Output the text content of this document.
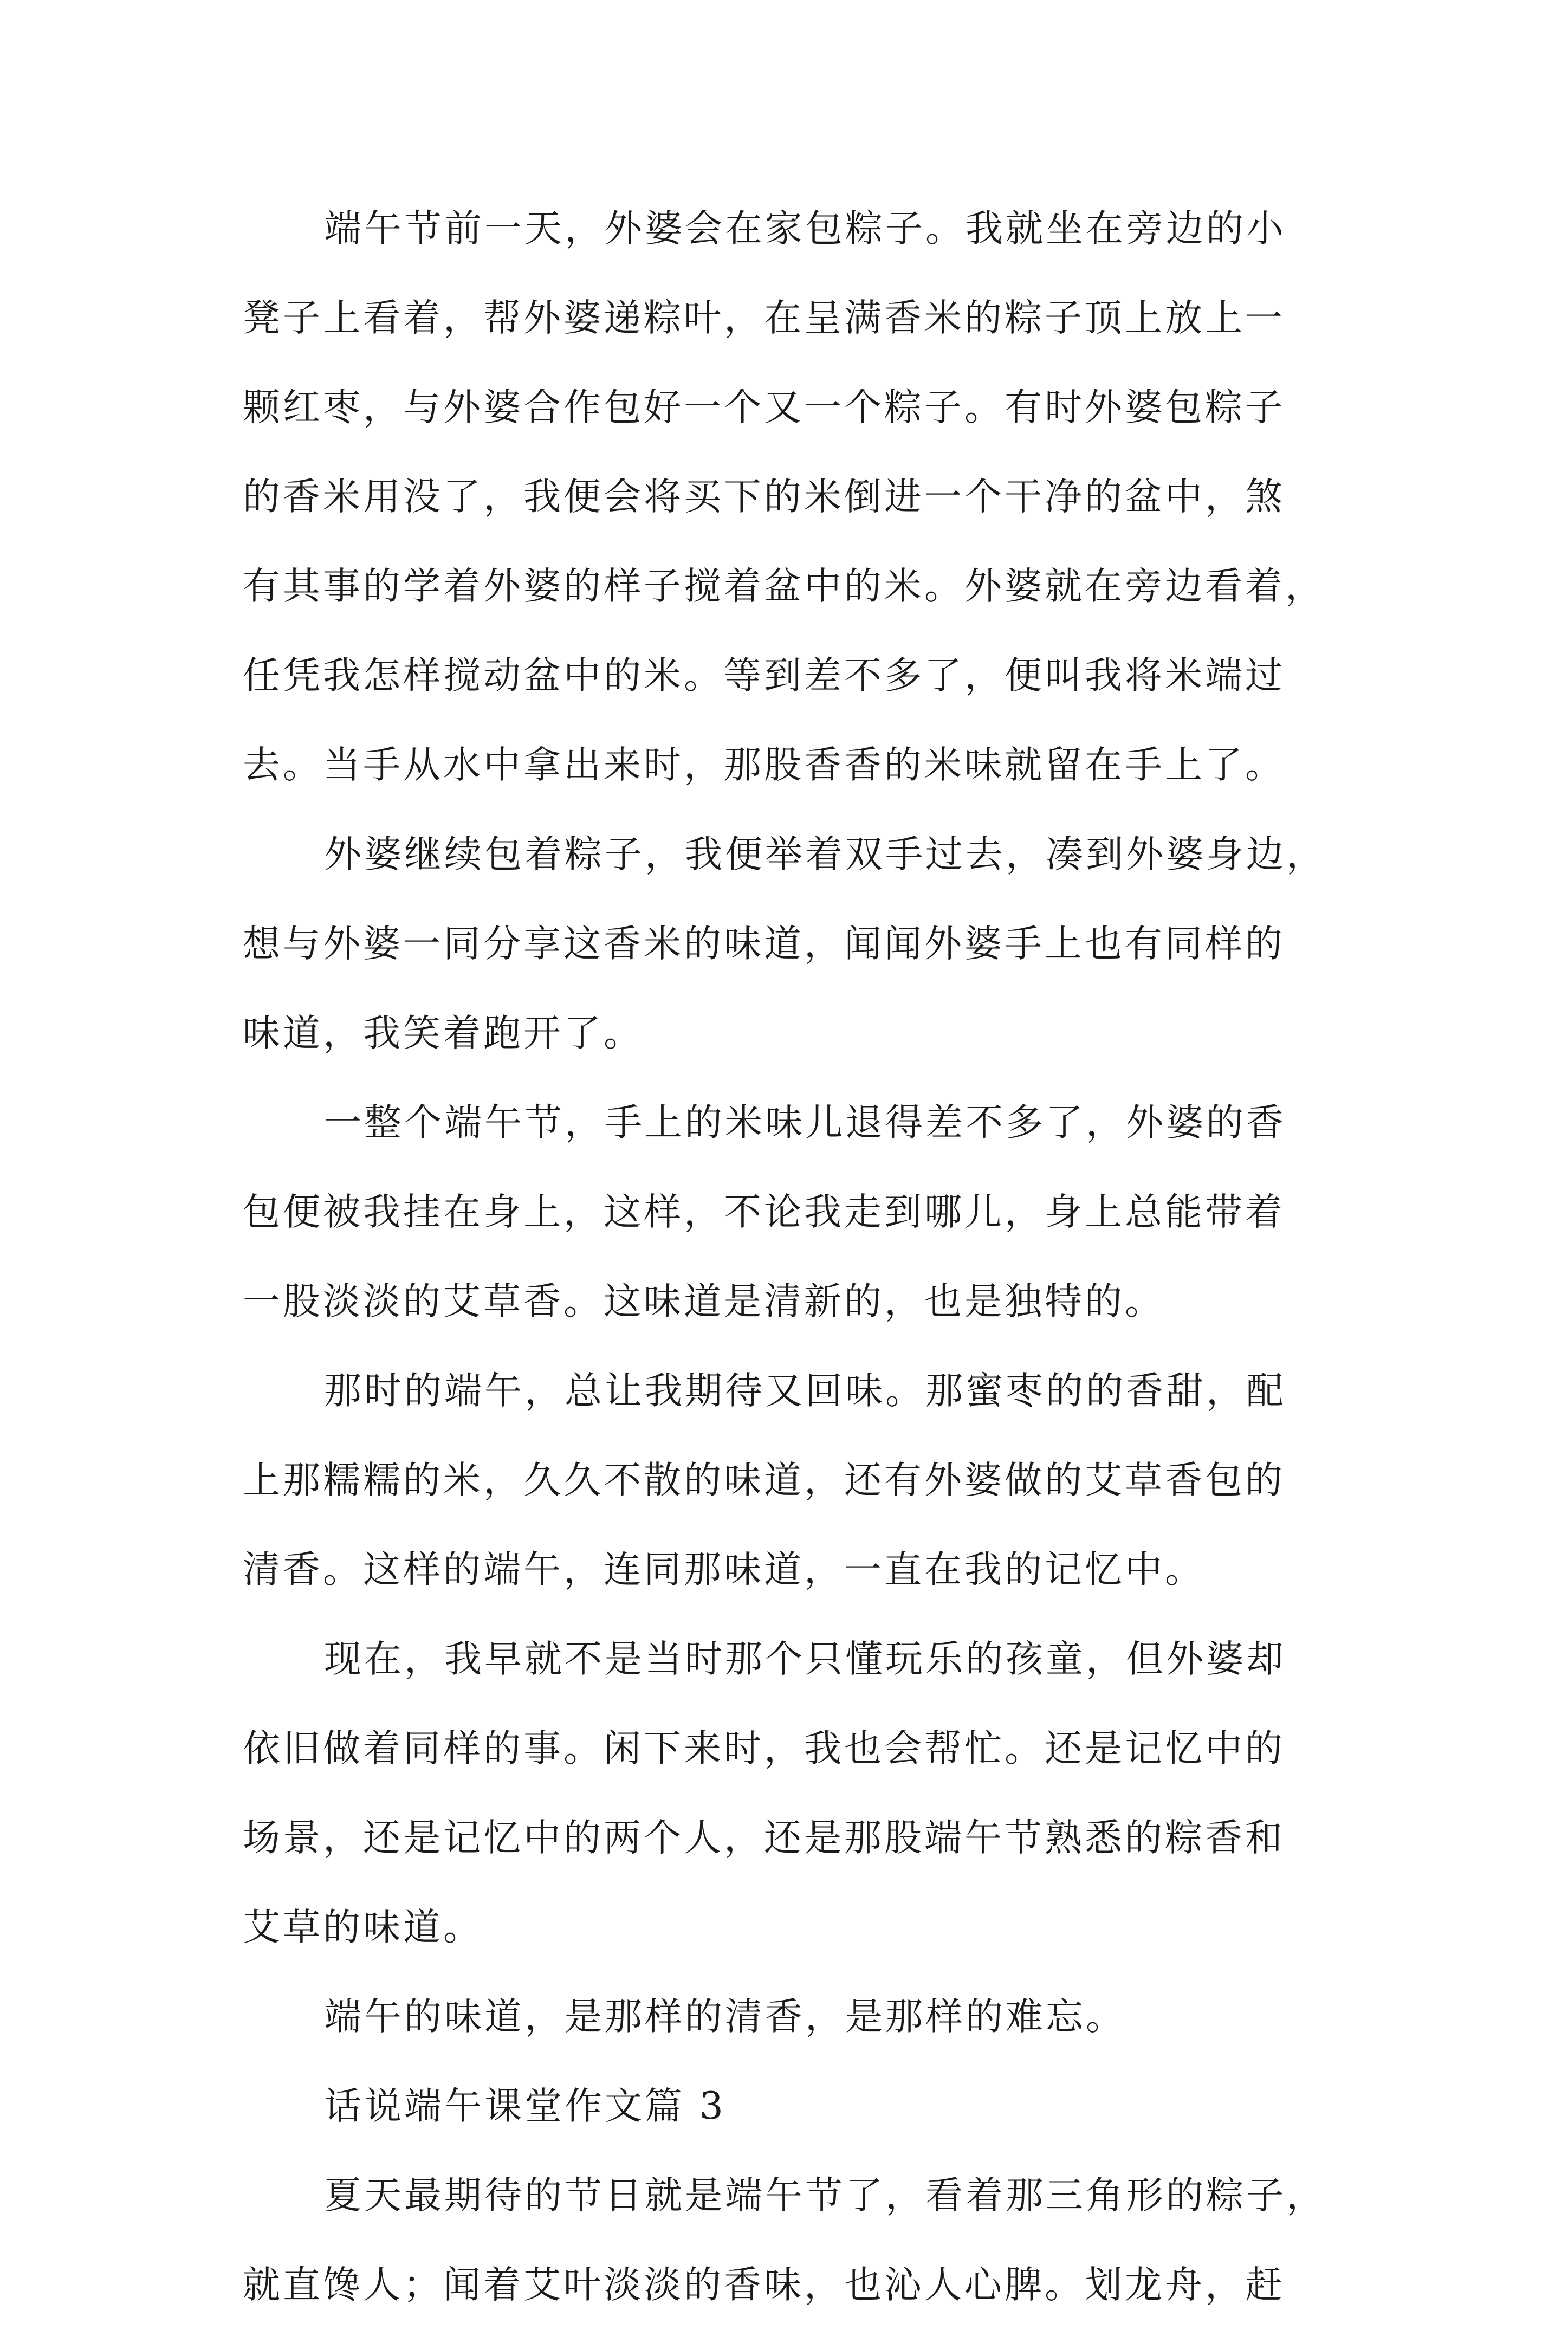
端午节前一天，外婆会在家包粽子。我就坐在旁边的小
凳子上看着，帮外婆递粽叶，在呈满香米的粽子顶上放上一
颗红枣，与外婆合作包好一个又一个粽子。有时外婆包粽子
的香米用没了，我便会将买下的米倒进一个干净的盆中，煞
有其事的学着外婆的样子搅着盆中的米。外婆就在旁边看着，
任凭我怎样搅动盆中的米。等到差不多了，便叫我将米端过
去。当手从水中拿出来时，那股香香的米味就留在手上了。
外婆继续包着粽子，我便举着双手过去，凑到外婆身边，
想与外婆一同分享这香米的味道，闻闻外婆手上也有同样的
味道，我笑着跑开了。
一整个端午节，手上的米味儿退得差不多了，外婆的香
包便被我挂在身上，这样，不论我走到哪儿，身上总能带着
一股淡淡的艾草香。这味道是清新的，也是独特的。
那时的端午，总让我期待又回味。那蜜枣的的香甜，配
上那糯糯的米，久久不散的味道，还有外婆做的艾草香包的
清香。这样的端午，连同那味道，一直在我的记忆中。
现在，我早就不是当时那个只懂玩乐的孩童，但外婆却
依旧做着同样的事。闲下来时，我也会帮忙。还是记忆中的
场景，还是记忆中的两个人，还是那股端午节熟悉的粽香和
艾草的味道。
端午的味道，是那样的清香，是那样的难忘。
话说端午课堂作文篇 3
夏天最期待的节日就是端午节了，看着那三角形的粽子，
就直馋人；闻着艾叶淡淡的香味，也沁人心脾。划龙舟，赶
